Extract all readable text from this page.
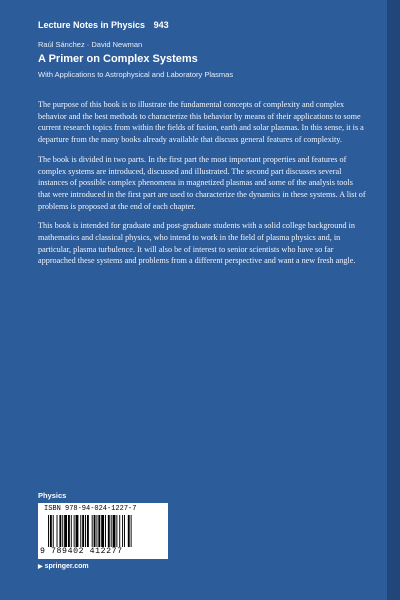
Lecture Notes in Physics 943
Raúl Sánchez · David Newman
A Primer on Complex Systems
With Applications to Astrophysical and Laboratory Plasmas

The purpose of this book is to illustrate the fundamental concepts of complexity and complex behavior and the best methods to characterize this behavior by means of their applications to some current research topics from within the fields of fusion, earth and solar plasmas. In this sense, it is a departure from the many books already available that discuss general features of complexity.

The book is divided in two parts. In the first part the most important properties and features of complex systems are introduced, discussed and illustrated. The second part discusses several instances of possible complex phenomena in magnetized plasmas and some of the analysis tools that were introduced in the first part are used to characterize the dynamics in these systems. A list of problems is proposed at the end of each chapter.

This book is intended for graduate and post-graduate students with a solid college background in mathematics and classical physics, who intend to work in the field of plasma physics and, in particular, plasma turbulence. It will also be of interest to senior scientists who have so far approached these systems and problems from a different perspective and want a new fresh angle.

Physics
ISBN 978-94-024-1227-7
9 789402 412277
▶ springer.com
